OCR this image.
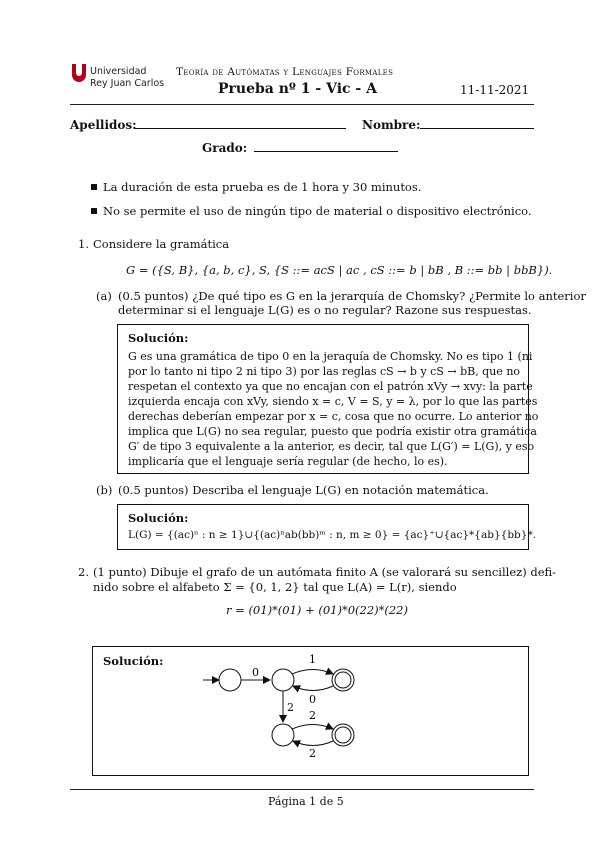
Universidad
Rey Juan Carlos
Teoría de Autómatas y Lenguajes Formales
Prueba nº 1 - Vic - A	11-11-2021
Apellidos:	Nombre:
Grado:
La duración de esta prueba es de 1 hora y 30 minutos.
No se permite el uso de ningún tipo de material o dispositivo electrónico.
1. Considere la gramática
G = ({S, B}, {a, b, c}, S, {S ::= acS | ac , cS ::= b | bB , B ::= bb | bbB}).
(a) (0.5 puntos) ¿De qué tipo es G en la jerarquía de Chomsky? ¿Permite lo anterior
determinar si el lenguaje L(G) es o no regular? Razone sus respuestas.
Solución:
G es una gramática de tipo 0 en la jeraquía de Chomsky. No es tipo 1 (ni
por lo tanto ni tipo 2 ni tipo 3) por las reglas cS → b y cS → bB, que no
respetan el contexto ya que no encajan con el patrón xVy → xvy: la parte
izquierda encaja con xVy, siendo x = c, V = S, y = λ, por lo que las partes
derechas deberían empezar por x = c, cosa que no ocurre. Lo anterior no
implica que L(G) no sea regular, puesto que podría existir otra gramática
G′ de tipo 3 equivalente a la anterior, es decir, tal que L(G′) = L(G), y eso
implicaría que el lenguaje sería regular (de hecho, lo es).
(b) (0.5 puntos) Describa el lenguaje L(G) en notación matemática.
Solución:
L(G) = {(ac)ⁿ : n ≥ 1}∪{(ac)ⁿab(bb)ᵐ : n, m ≥ 0} = {ac}⁺∪{ac}*{ab}{bb}*.
2. (1 punto) Dibuje el grafo de un autómata finito A (se valorará su sencillez) defi-
nido sobre el alfabeto Σ = {0, 1, 2} tal que L(A) = L(r), siendo
r = (01)*(01) + (01)*0(22)*(22)
Solución:
0
1
0
2
2
2
Página 1 de 5
